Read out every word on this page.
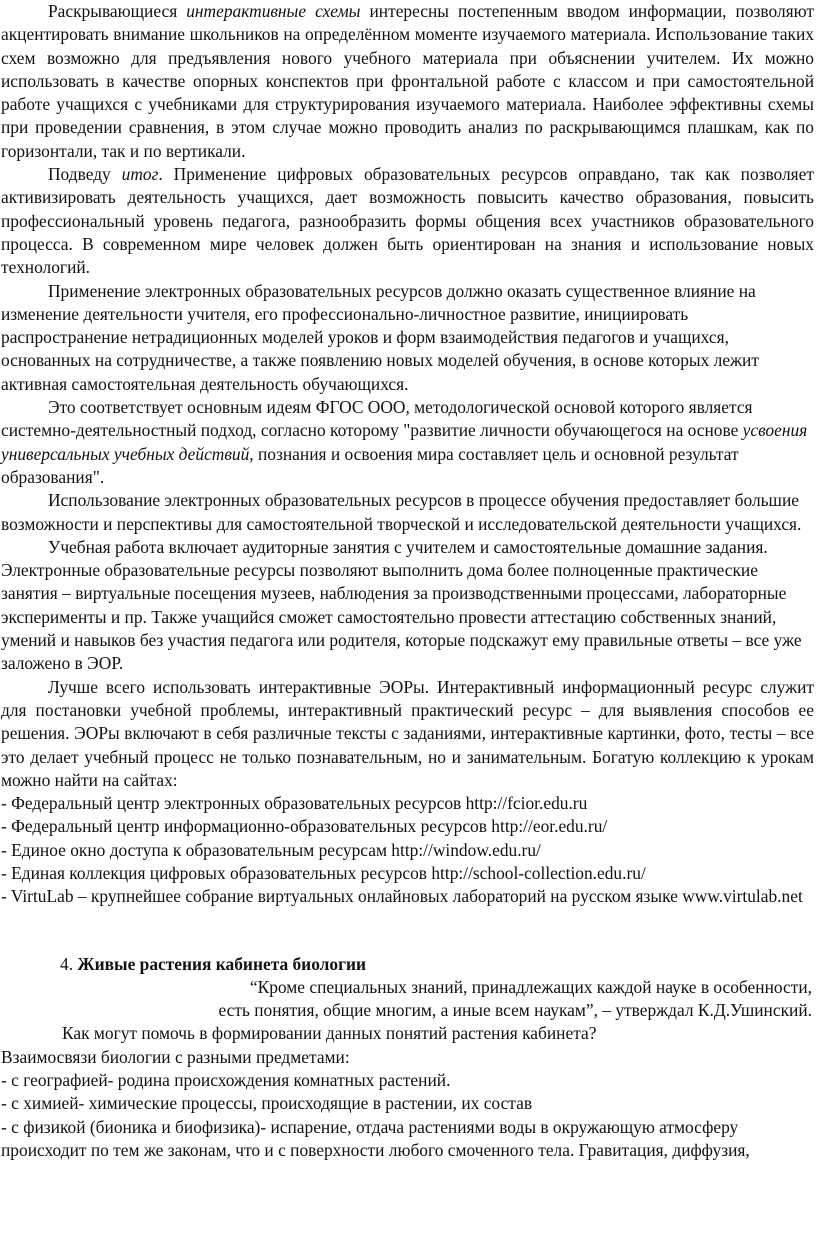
Раскрывающиеся интерактивные схемы интересны постепенным вводом информации, позволяют акцентировать внимание школьников на определённом моменте изучаемого материала. Использование таких схем возможно для предъявления нового учебного материала при объяснении учителем. Их можно использовать в качестве опорных конспектов при фронтальной работе с классом и при самостоятельной работе учащихся с учебниками для структурирования изучаемого материала. Наиболее эффективны схемы при проведении сравнения, в этом случае можно проводить анализ по раскрывающимся плашкам, как по горизонтали, так и по вертикали.

Подведу итог. Применение цифровых образовательных ресурсов оправдано, так как позволяет активизировать деятельность учащихся, дает возможность повысить качество образования, повысить профессиональный уровень педагога, разнообразить формы общения всех участников образовательного процесса. В современном мире человек должен быть ориентирован на знания и использование новых технологий.

Применение электронных образовательных ресурсов должно оказать существенное влияние на изменение деятельности учителя, его профессионально-личностное развитие, инициировать распространение нетрадиционных моделей уроков и форм взаимодействия педагогов и учащихся, основанных на сотрудничестве, а также появлению новых моделей обучения, в основе которых лежит активная самостоятельная деятельность обучающихся.

Это соответствует основным идеям ФГОС ООО, методологической основой которого является системно-деятельностный подход, согласно которому "развитие личности обучающегося на основе усвоения универсальных учебных действий, познания и освоения мира составляет цель и основной результат образования".

Использование электронных образовательных ресурсов в процессе обучения предоставляет большие возможности и перспективы для самостоятельной творческой и исследовательской деятельности учащихся.

Учебная работа включает аудиторные занятия с учителем и самостоятельные домашние задания. Электронные образовательные ресурсы позволяют выполнить дома более полноценные практические занятия – виртуальные посещения музеев, наблюдения за производственными процессами, лабораторные эксперименты и пр. Также учащийся сможет самостоятельно провести аттестацию собственных знаний, умений и навыков без участия педагога или родителя, которые подскажут ему правильные ответы – все уже заложено в ЭОР.

Лучше всего использовать интерактивные ЭОРы. Интерактивный информационный ресурс служит для постановки учебной проблемы, интерактивный практический ресурс – для выявления способов ее решения. ЭОРы включают в себя различные тексты с заданиями, интерактивные картинки, фото, тесты – все это делает учебный процесс не только познавательным, но и занимательным. Богатую коллекцию к урокам можно найти на сайтах:

- Федеральный центр электронных образовательных ресурсов http://fcior.edu.ru

- Федеральный центр информационно-образовательных ресурсов http://eor.edu.ru/

- Единое окно доступа к образовательным ресурсам http://window.edu.ru/

- Единая коллекция цифровых образовательных ресурсов http://school-collection.edu.ru/

- VirtuLab – крупнейшее собрание виртуальных онлайновых лабораторий на русском языке www.virtulab.net

4. Живые растения кабинета биологии

“Кроме специальных знаний, принадлежащих каждой науке в особенности,

есть понятия, общие многим, а иные всем наукам”, – утверждал К.Д.Ушинский.

Как могут помочь в формировании данных понятий растения кабинета?

Взаимосвязи биологии с разными предметами:

- с географией- родина происхождения комнатных растений.

- с химией- химические процессы, происходящие в растении, их состав

- с физикой (бионика и биофизика)- испарение, отдача растениями воды в окружающую атмосферу

происходит по тем же законам, что и с поверхности любого смоченного тела. Гравитация, диффузия,
